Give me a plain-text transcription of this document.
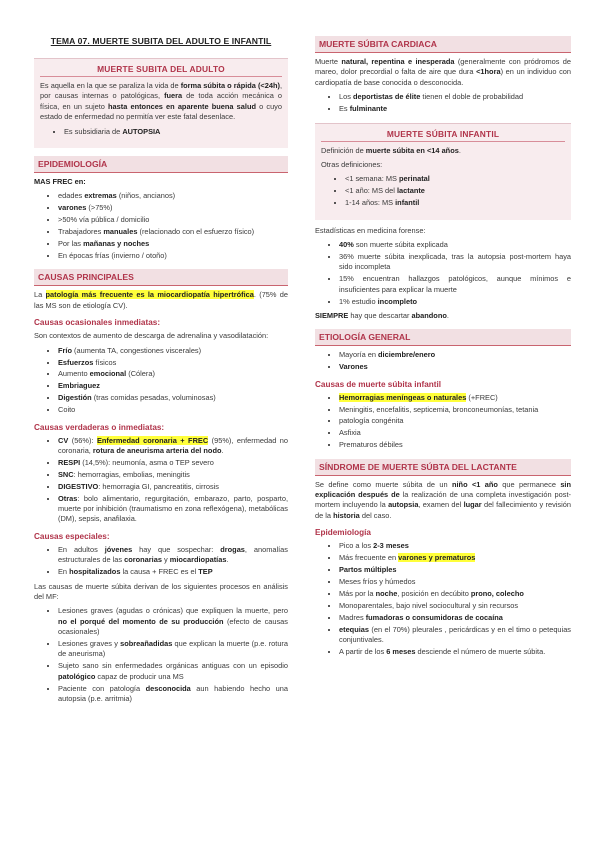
TEMA 07. MUERTE SUBITA DEL ADULTO E INFANTIL
MUERTE SUBITA DEL ADULTO

Es aquella en la que se paraliza la vida de forma súbita o rápida (<24h), por causas internas o patológicas, fuera de toda acción mecánica o física, en un sujeto hasta entonces en aparente buena salud o cuyo estado de enfermedad no permitía ver este fatal desenlace.

• Es subsidiaria de AUTOPSIA
EPIDEMIOLOGÍA

MAS FREC en:

• edades extremas (niños, ancianos)
• varones (>75%)
• >50% vía pública / domicilio
• Trabajadores manuales (relacionado con el esfuerzo físico)
• Por las mañanas y noches
• En épocas frías (invierno / otoño)
CAUSAS PRINCIPALES

La patología más frecuente es la miocardiopatía hipertrófica. (75% de las MS son de etiología CV).

Causas ocasionales inmediatas:

Son contextos de aumento de descarga de adrenalina y vasodilatación:

• Frío (aumenta TA, congestiones viscerales)
• Esfuerzos físicos
• Aumento emocional (Cólera)
• Embriaguez
• Digestión (tras comidas pesadas, voluminosas)
• Coito
Causas verdaderas o inmediatas:
• CV (56%): Enfermedad coronaria + FREC (95%), enfermedad no coronaria, rotura de aneurisma arteria del nodo.
• RESPI (14,5%): neumonía, asma o TEP severo
• SNC: hemorragias, embolias, meningitis
• DIGESTIVO: hemorragia GI, pancreatitis, cirrosis
• Otras: bolo alimentario, regurgitación, embarazo, parto, posparto, muerte por inhibición (traumatismo en zona reflexógena), metabólicas (DM), sepsis, anafilaxia.
Causas especiales:
• En adultos jóvenes hay que sospechar: drogas, anomalías estructurales de las coronarias y miocardiopatías.
• En hospitalizados la causa + FREC es el TEP

Las causas de muerte súbita derivan de los siguientes procesos en análisis del MF:

• Lesiones graves (agudas o crónicas) que expliquen la muerte, pero no el porqué del momento de su producción (efecto de causas ocasionales)
• Lesiones graves y sobreañadidas que explican la muerte (p.e. rotura de aneurisma)
• Sujeto sano sin enfermedades orgánicas antiguas con un episodio patológico capaz de producir una MS
• Paciente con patología desconocida aun habiendo hecho una autopsia (p.e. arritmia)
MUERTE SÚBITA CARDIACA

Muerte natural, repentina e inesperada (generalmente con pródromos de mareo, dolor precordial o falta de aire que dura <1hora) en un individuo con cardiopatía de base conocida o desconocida.

• Los deportistas de élite tienen el doble de probabilidad
• Es fulminante
MUERTE SÚBITA INFANTIL

Definición de muerte súbita en <14 años.

Otras definiciones:

• <1 semana: MS perinatal
• <1 año: MS del lactante
• 1-14 años: MS infantil

Estadísticas en medicina forense:

• 40% son muerte súbita explicada
• 36% muerte súbita inexplicada, tras la autopsia post-mortem haya sido incompleta
• 15% encuentran hallazgos patológicos, aunque mínimos e insuficientes para explicar la muerte
• 1% estudio incompleto

SIEMPRE hay que descartar abandono.

ETIOLOGÍA GENERAL
• Mayoría en diciembre/enero
• Varones
Causas de muerte súbita infantil
• Hemorragias meníngeas o naturales (+FREC)
• Meningitis, encefalitis, septicemia, bronconeumonías, tetania
• patología congénita
• Asfixia
• Prematuros débiles
SÍNDROME DE MUERTE SÚBTA DEL LACTANTE

Se define como muerte súbita de un niño <1 año que permanece sin explicación después de la realización de una completa investigación post-mortem incluyendo la autopsia, examen del lugar del fallecimiento y revisión de la historia del caso.

Epidemiología
• Pico a los 2-3 meses
• Más frecuente en varones y prematuros
• Partos múltiples
• Meses fríos y húmedos
• Más por la noche, posición en decúbito prono, colecho
• Monoparentales, bajo nivel sociocultural y sin recursos
• Madres fumadoras o consumidoras de cocaína
• etequias (en el 70%) pleurales , pericárdicas y en el timo o petequias conjuntivales.
• A partir de los 6 meses desciende el número de muerte súbita.
